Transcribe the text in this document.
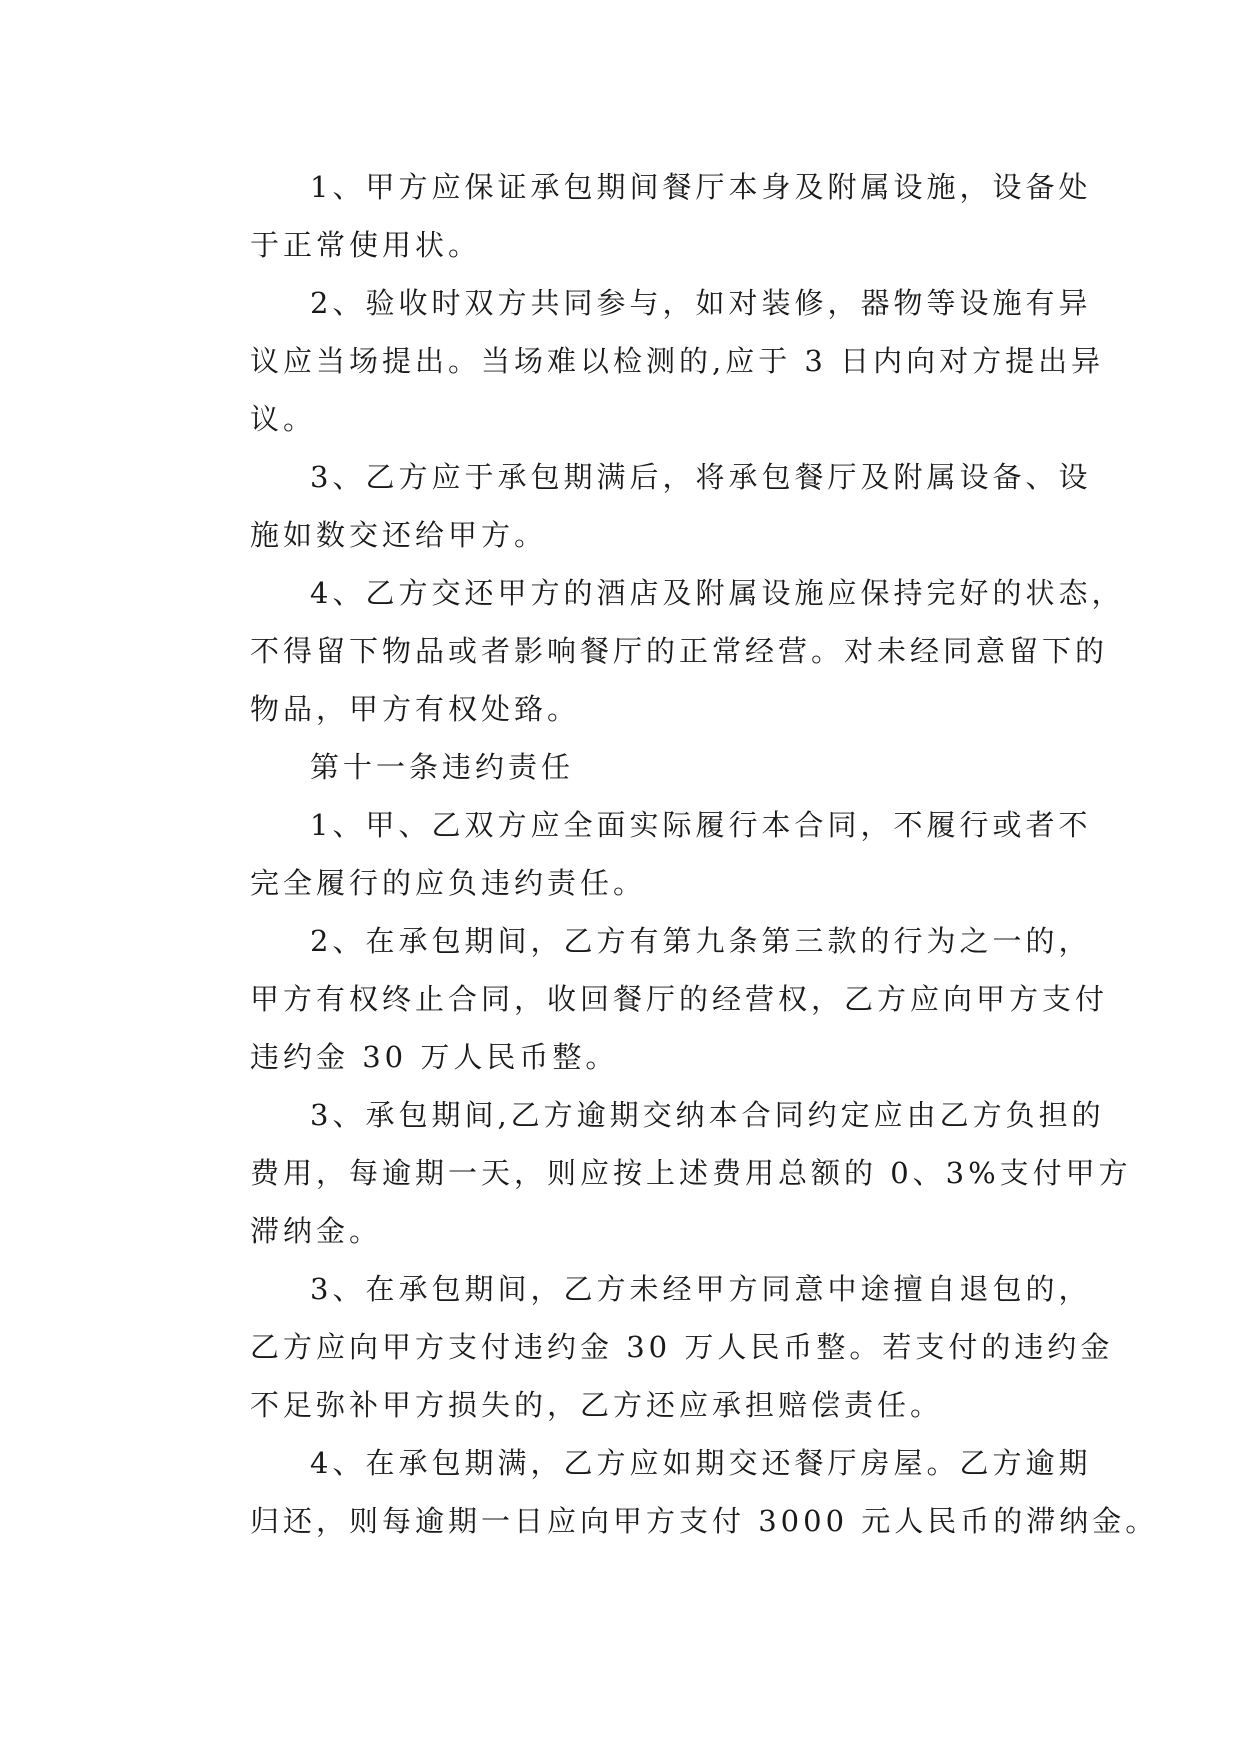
1、甲方应保证承包期间餐厅本身及附属设施，设备处
于正常使用状。
2、验收时双方共同参与，如对装修，器物等设施有异
议应当场提出。当场难以检测的,应于 3 日内向对方提出异
议。
3、乙方应于承包期满后，将承包餐厅及附属设备、设
施如数交还给甲方。
4、乙方交还甲方的酒店及附属设施应保持完好的状态，
不得留下物品或者影响餐厅的正常经营。对未经同意留下的
物品，甲方有权处臵。
第十一条违约责任
1、甲、乙双方应全面实际履行本合同，不履行或者不
完全履行的应负违约责任。
2、在承包期间，乙方有第九条第三款的行为之一的，
甲方有权终止合同，收回餐厅的经营权，乙方应向甲方支付
违约金 30 万人民币整。
3、承包期间,乙方逾期交纳本合同约定应由乙方负担的
费用，每逾期一天，则应按上述费用总额的 0、3%支付甲方
滞纳金。
3、在承包期间，乙方未经甲方同意中途擅自退包的，
乙方应向甲方支付违约金 30 万人民币整。若支付的违约金
不足弥补甲方损失的，乙方还应承担赔偿责任。
4、在承包期满，乙方应如期交还餐厅房屋。乙方逾期
归还，则每逾期一日应向甲方支付 3000 元人民币的滞纳金。
